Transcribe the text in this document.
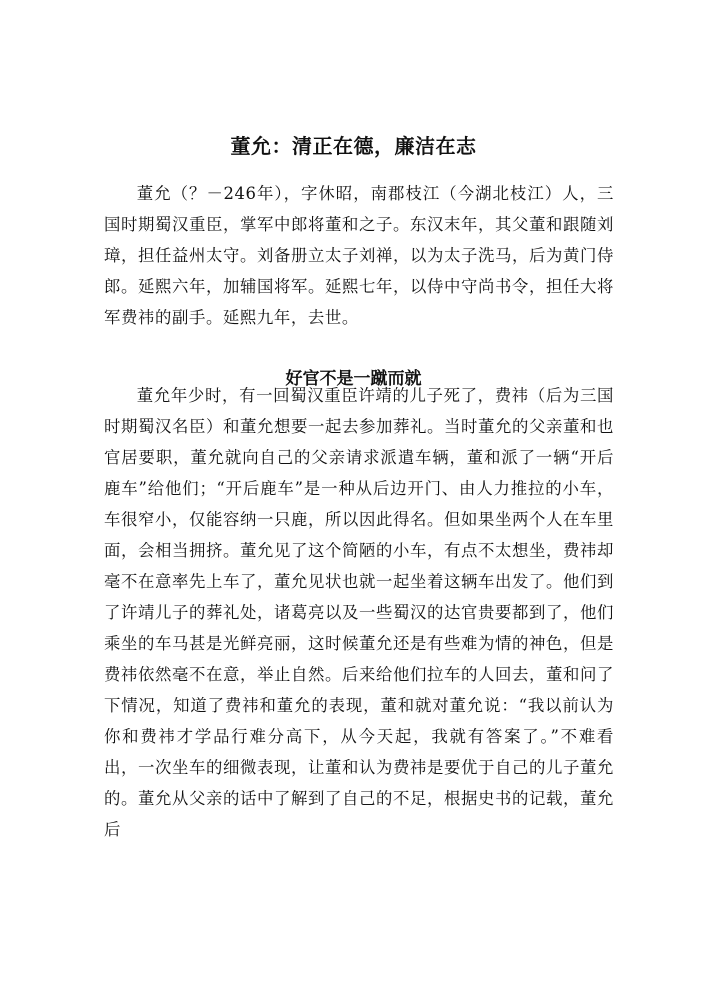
董允：清正在德，廉洁在志

董允（？－246年），字休昭，南郡枝江（今湖北枝江）人，三国时期蜀汉重臣，掌军中郎将董和之子。东汉末年，其父董和跟随刘璋，担任益州太守。刘备册立太子刘禅，以为太子洗马，后为黄门侍郎。延熙六年，加辅国将军。延熙七年，以侍中守尚书令，担任大将军费祎的副手。延熙九年，去世。

好官不是一蹴而就

董允年少时，有一回蜀汉重臣许靖的儿子死了，费祎（后为三国时期蜀汉名臣）和董允想要一起去参加葬礼。当时董允的父亲董和也官居要职，董允就向自己的父亲请求派遣车辆，董和派了一辆“开后鹿车”给他们；“开后鹿车”是一种从后边开门、由人力推拉的小车，车很窄小，仅能容纳一只鹿，所以因此得名。但如果坐两个人在车里面，会相当拥挤。董允见了这个简陋的小车，有点不太想坐，费祎却毫不在意率先上车了，董允见状也就一起坐着这辆车出发了。他们到了许靖儿子的葬礼处，诸葛亮以及一些蜀汉的达官贵要都到了，他们乘坐的车马甚是光鲜亮丽，这时候董允还是有些难为情的神色，但是费祎依然毫不在意，举止自然。后来给他们拉车的人回去，董和问了下情况，知道了费祎和董允的表现，董和就对董允说：“我以前认为你和费祎才学品行难分高下，从今天起，我就有答案了。”不难看出，一次坐车的细微表现，让董和认为费祎是要优于自己的儿子董允的。董允从父亲的话中了解到了自己的不足，根据史书的记载，董允后
